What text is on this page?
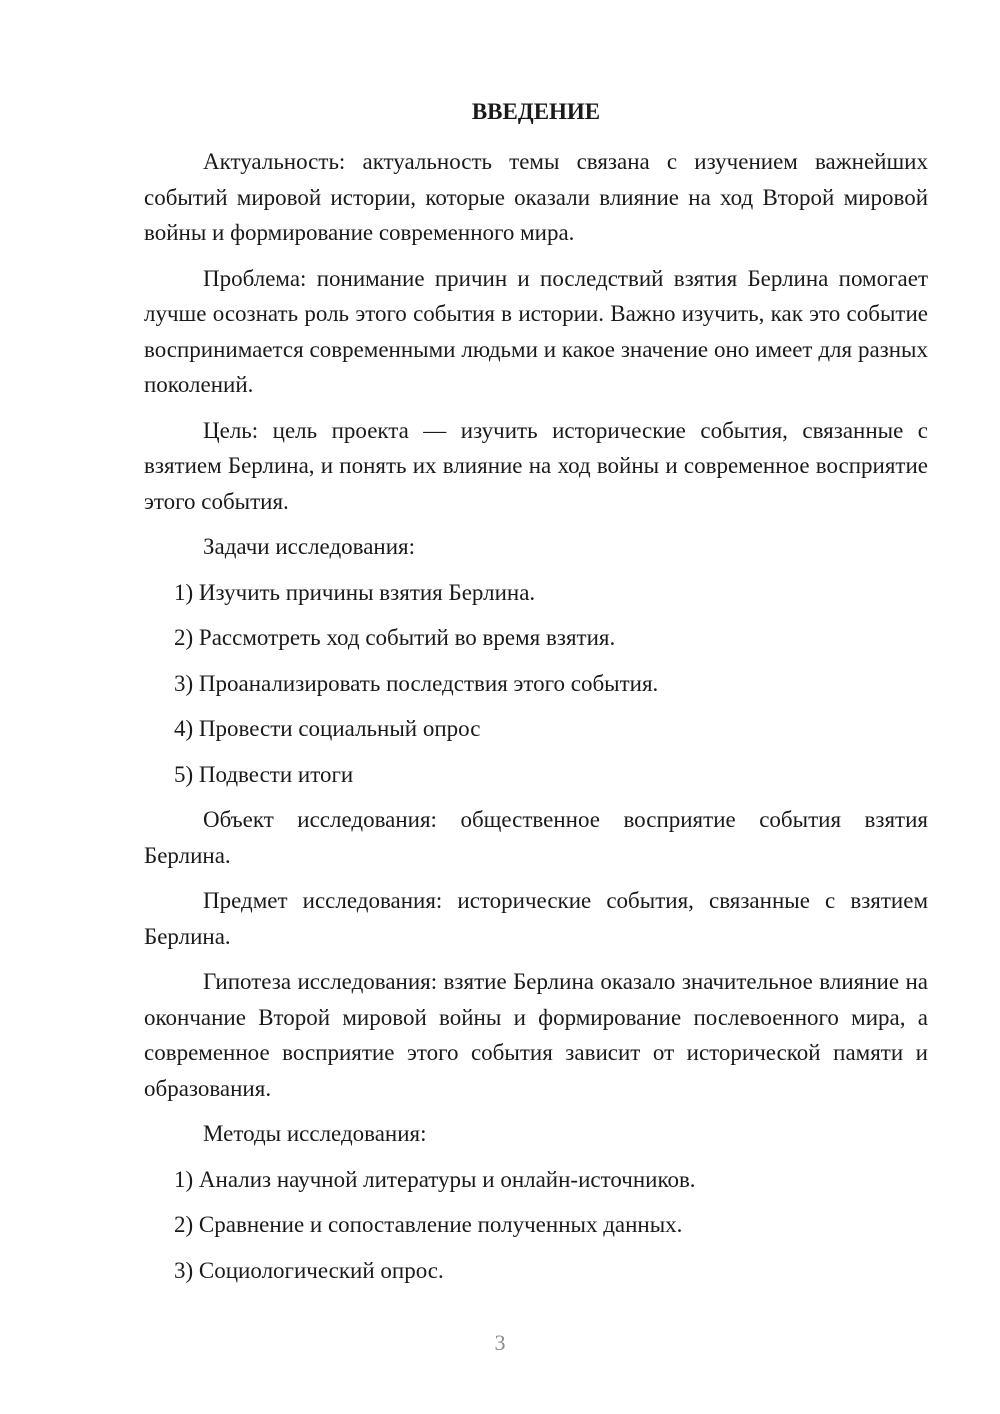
ВВЕДЕНИЕ

Актуальность: актуальность темы связана с изучением важнейших событий мировой истории, которые оказали влияние на ход Второй мировой войны и формирование современного мира.

Проблема: понимание причин и последствий взятия Берлина помогает лучше осознать роль этого события в истории. Важно изучить, как это событие воспринимается современными людьми и какое значение оно имеет для разных поколений.

Цель: цель проекта — изучить исторические события, связанные с взятием Берлина, и понять их влияние на ход войны и современное восприятие этого события.

Задачи исследования:

1) Изучить причины взятия Берлина.
2) Рассмотреть ход событий во время взятия.
3) Проанализировать последствия этого события.
4) Провести социальный опрос
5) Подвести итоги

Объект исследования: общественное восприятие события взятия Берлина.

Предмет исследования: исторические события, связанные с взятием Берлина.

Гипотеза исследования: взятие Берлина оказало значительное влияние на окончание Второй мировой войны и формирование послевоенного мира, а современное восприятие этого события зависит от исторической памяти и образования.

Методы исследования:

1) Анализ научной литературы и онлайн-источников.
2) Сравнение и сопоставление полученных данных.
3) Социологический опрос.
3
